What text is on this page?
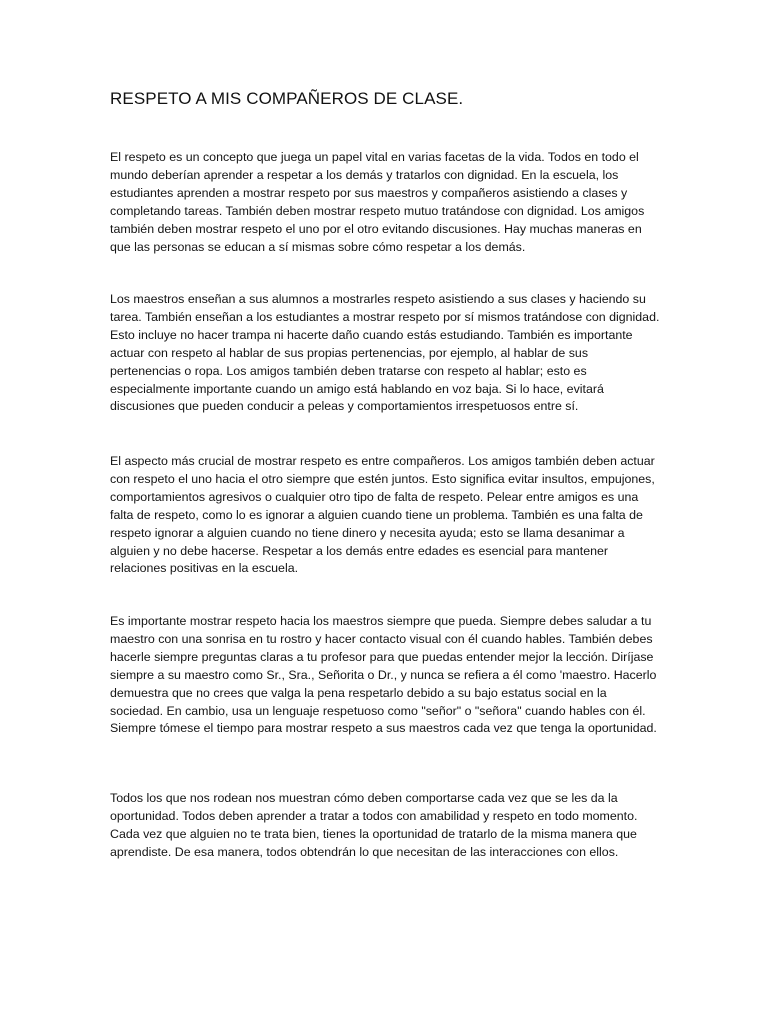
RESPETO A MIS COMPAÑEROS DE CLASE.

El respeto es un concepto que juega un papel vital en varias facetas de la vida. Todos en todo el mundo deberían aprender a respetar a los demás y tratarlos con dignidad. En la escuela, los estudiantes aprenden a mostrar respeto por sus maestros y compañeros asistiendo a clases y completando tareas. También deben mostrar respeto mutuo tratándose con dignidad. Los amigos también deben mostrar respeto el uno por el otro evitando discusiones. Hay muchas maneras en que las personas se educan a sí mismas sobre cómo respetar a los demás.

Los maestros enseñan a sus alumnos a mostrarles respeto asistiendo a sus clases y haciendo su tarea. También enseñan a los estudiantes a mostrar respeto por sí mismos tratándose con dignidad. Esto incluye no hacer trampa ni hacerte daño cuando estás estudiando. También es importante actuar con respeto al hablar de sus propias pertenencias, por ejemplo, al hablar de sus pertenencias o ropa. Los amigos también deben tratarse con respeto al hablar; esto es especialmente importante cuando un amigo está hablando en voz baja. Si lo hace, evitará discusiones que pueden conducir a peleas y comportamientos irrespetuosos entre sí.

El aspecto más crucial de mostrar respeto es entre compañeros. Los amigos también deben actuar con respeto el uno hacia el otro siempre que estén juntos. Esto significa evitar insultos, empujones, comportamientos agresivos o cualquier otro tipo de falta de respeto. Pelear entre amigos es una falta de respeto, como lo es ignorar a alguien cuando tiene un problema. También es una falta de respeto ignorar a alguien cuando no tiene dinero y necesita ayuda; esto se llama desanimar a alguien y no debe hacerse. Respetar a los demás entre edades es esencial para mantener relaciones positivas en la escuela.

Es importante mostrar respeto hacia los maestros siempre que pueda. Siempre debes saludar a tu maestro con una sonrisa en tu rostro y hacer contacto visual con él cuando hables. También debes hacerle siempre preguntas claras a tu profesor para que puedas entender mejor la lección. Diríjase siempre a su maestro como Sr., Sra., Señorita o Dr., y nunca se refiera a él como 'maestro. Hacerlo demuestra que no crees que valga la pena respetarlo debido a su bajo estatus social en la sociedad. En cambio, usa un lenguaje respetuoso como "señor" o "señora" cuando hables con él. Siempre tómese el tiempo para mostrar respeto a sus maestros cada vez que tenga la oportunidad.

Todos los que nos rodean nos muestran cómo deben comportarse cada vez que se les da la oportunidad. Todos deben aprender a tratar a todos con amabilidad y respeto en todo momento. Cada vez que alguien no te trata bien, tienes la oportunidad de tratarlo de la misma manera que aprendiste. De esa manera, todos obtendrán lo que necesitan de las interacciones con ellos.
